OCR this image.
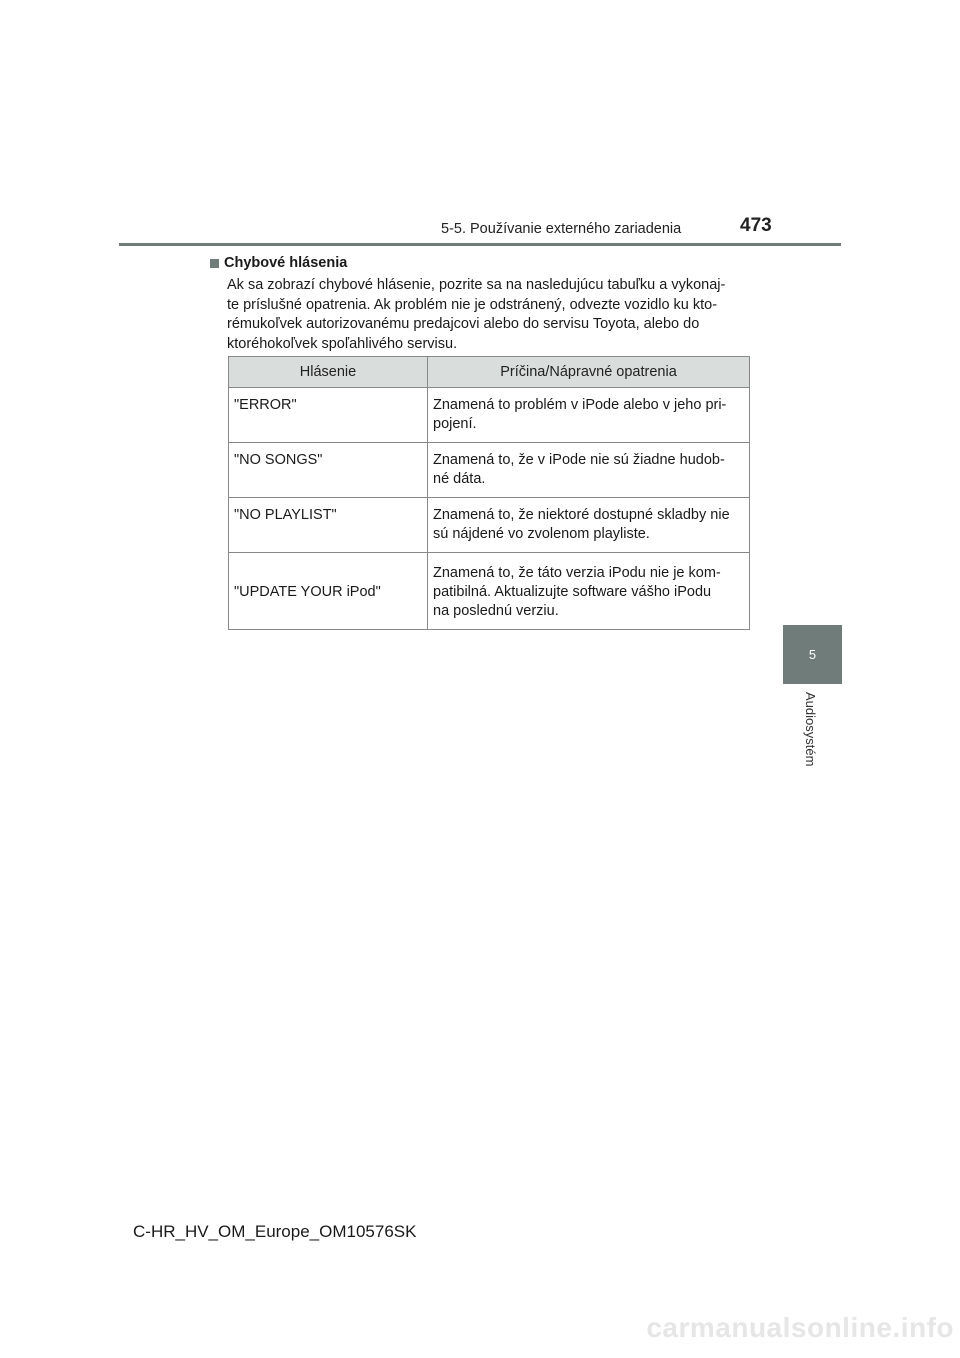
5-5. Používanie externého zariadenia	473
5
Audiosystém
Chybové hlásenia
Ak sa zobrazí chybové hlásenie, pozrite sa na nasledujúcu tabuľku a vykonaj-
te príslušné opatrenia. Ak problém nie je odstránený, odvezte vozidlo ku kto-
rémukoľvek autorizovanému predajcovi alebo do servisu Toyota, alebo do
ktoréhokoľvek spoľahlivého servisu.
Hlásenie	Príčina/Nápravné opatrenia
"ERROR"	Znamená to problém v iPode alebo v jeho pri-
pojení.

"NO SONGS"	Znamená to, že v iPode nie sú žiadne hudob-
né dáta.

"NO PLAYLIST"	Znamená to, že niektoré dostupné skladby nie
sú nájdené vo zvolenom playliste.

"UPDATE YOUR iPod"	Znamená to, že táto verzia iPodu nie je kom-
patibilná. Aktualizujte software vášho iPodu
na poslednú verziu.
C-HR_HV_OM_Europe_OM10576SK
carmanualsonline.info
